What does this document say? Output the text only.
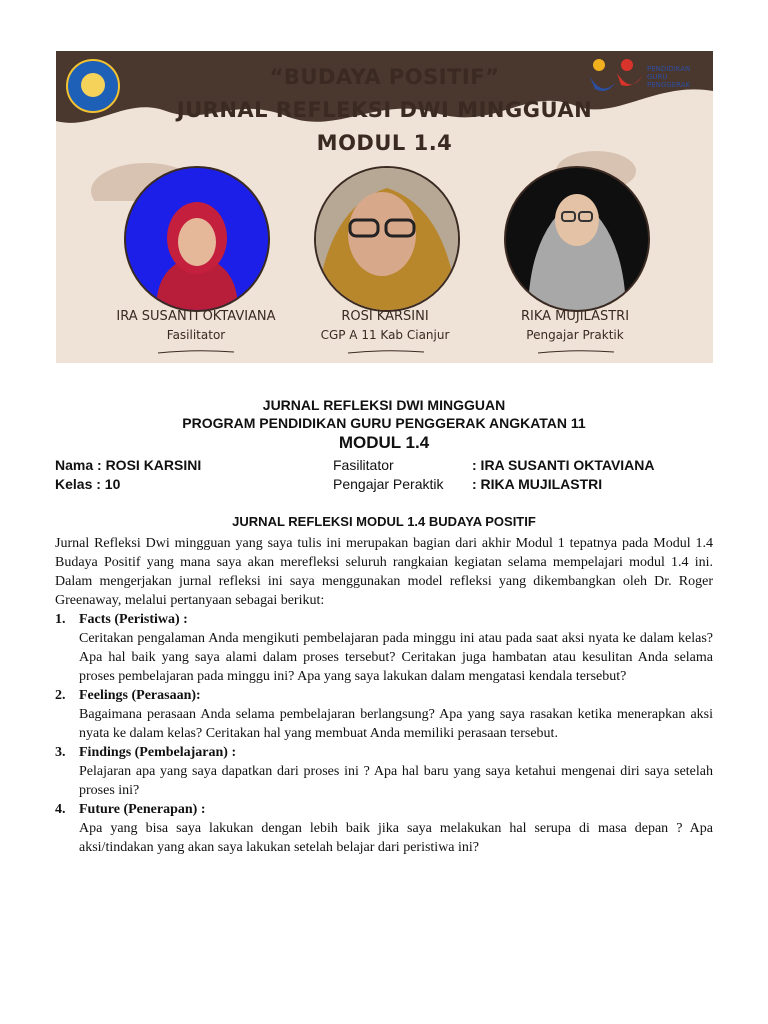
PENDIDIKAN GURU PENGGERAK
“BUDAYA POSITIF”
JURNAL REFLEKSI DWI MINGGUAN
MODUL 1.4
IRA SUSANTI OKTAVIANA
Fasilitator
ROSI KARSINI
CGP A 11 Kab Cianjur
RIKA MUJILASTRI
Pengajar Praktik
JURNAL REFLEKSI DWI MINGGUAN
PROGRAM PENDIDIKAN GURU PENGGERAK ANGKATAN 11
MODUL 1.4
Nama : ROSI KARSINI
Kelas : 10
Fasilitator	: IRA SUSANTI OKTAVIANA
Pengajar Peraktik : RIKA MUJILASTRI
JURNAL REFLEKSI MODUL 1.4 BUDAYA POSITIF

Jurnal Refleksi Dwi mingguan yang saya tulis ini merupakan bagian dari akhir Modul 1 tepatnya pada Modul 1.4 Budaya Positif yang mana saya akan merefleksi seluruh rangkaian kegiatan selama mempelajari modul 1.4 ini. Dalam mengerjakan jurnal refleksi ini saya menggunakan model refleksi yang dikembangkan oleh Dr. Roger Greenaway, melalui pertanyaan sebagai berikut:

1. Facts (Peristiwa) :
Ceritakan pengalaman Anda mengikuti pembelajaran pada minggu ini atau pada saat aksi nyata ke dalam kelas? Apa hal baik yang saya alami dalam proses tersebut? Ceritakan juga hambatan atau kesulitan Anda selama proses pembelajaran pada minggu ini? Apa yang saya lakukan dalam mengatasi kendala tersebut?
2. Feelings (Perasaan):
Bagaimana perasaan Anda selama pembelajaran berlangsung? Apa yang saya rasakan ketika menerapkan aksi nyata ke dalam kelas? Ceritakan hal yang membuat Anda memiliki perasaan tersebut.
3. Findings (Pembelajaran) :
Pelajaran apa yang saya dapatkan dari proses ini ? Apa hal baru yang saya ketahui mengenai diri saya setelah proses ini?
4. Future (Penerapan) :
Apa yang bisa saya lakukan dengan lebih baik jika saya melakukan hal serupa di masa depan ? Apa aksi/tindakan yang akan saya lakukan setelah belajar dari peristiwa ini?
